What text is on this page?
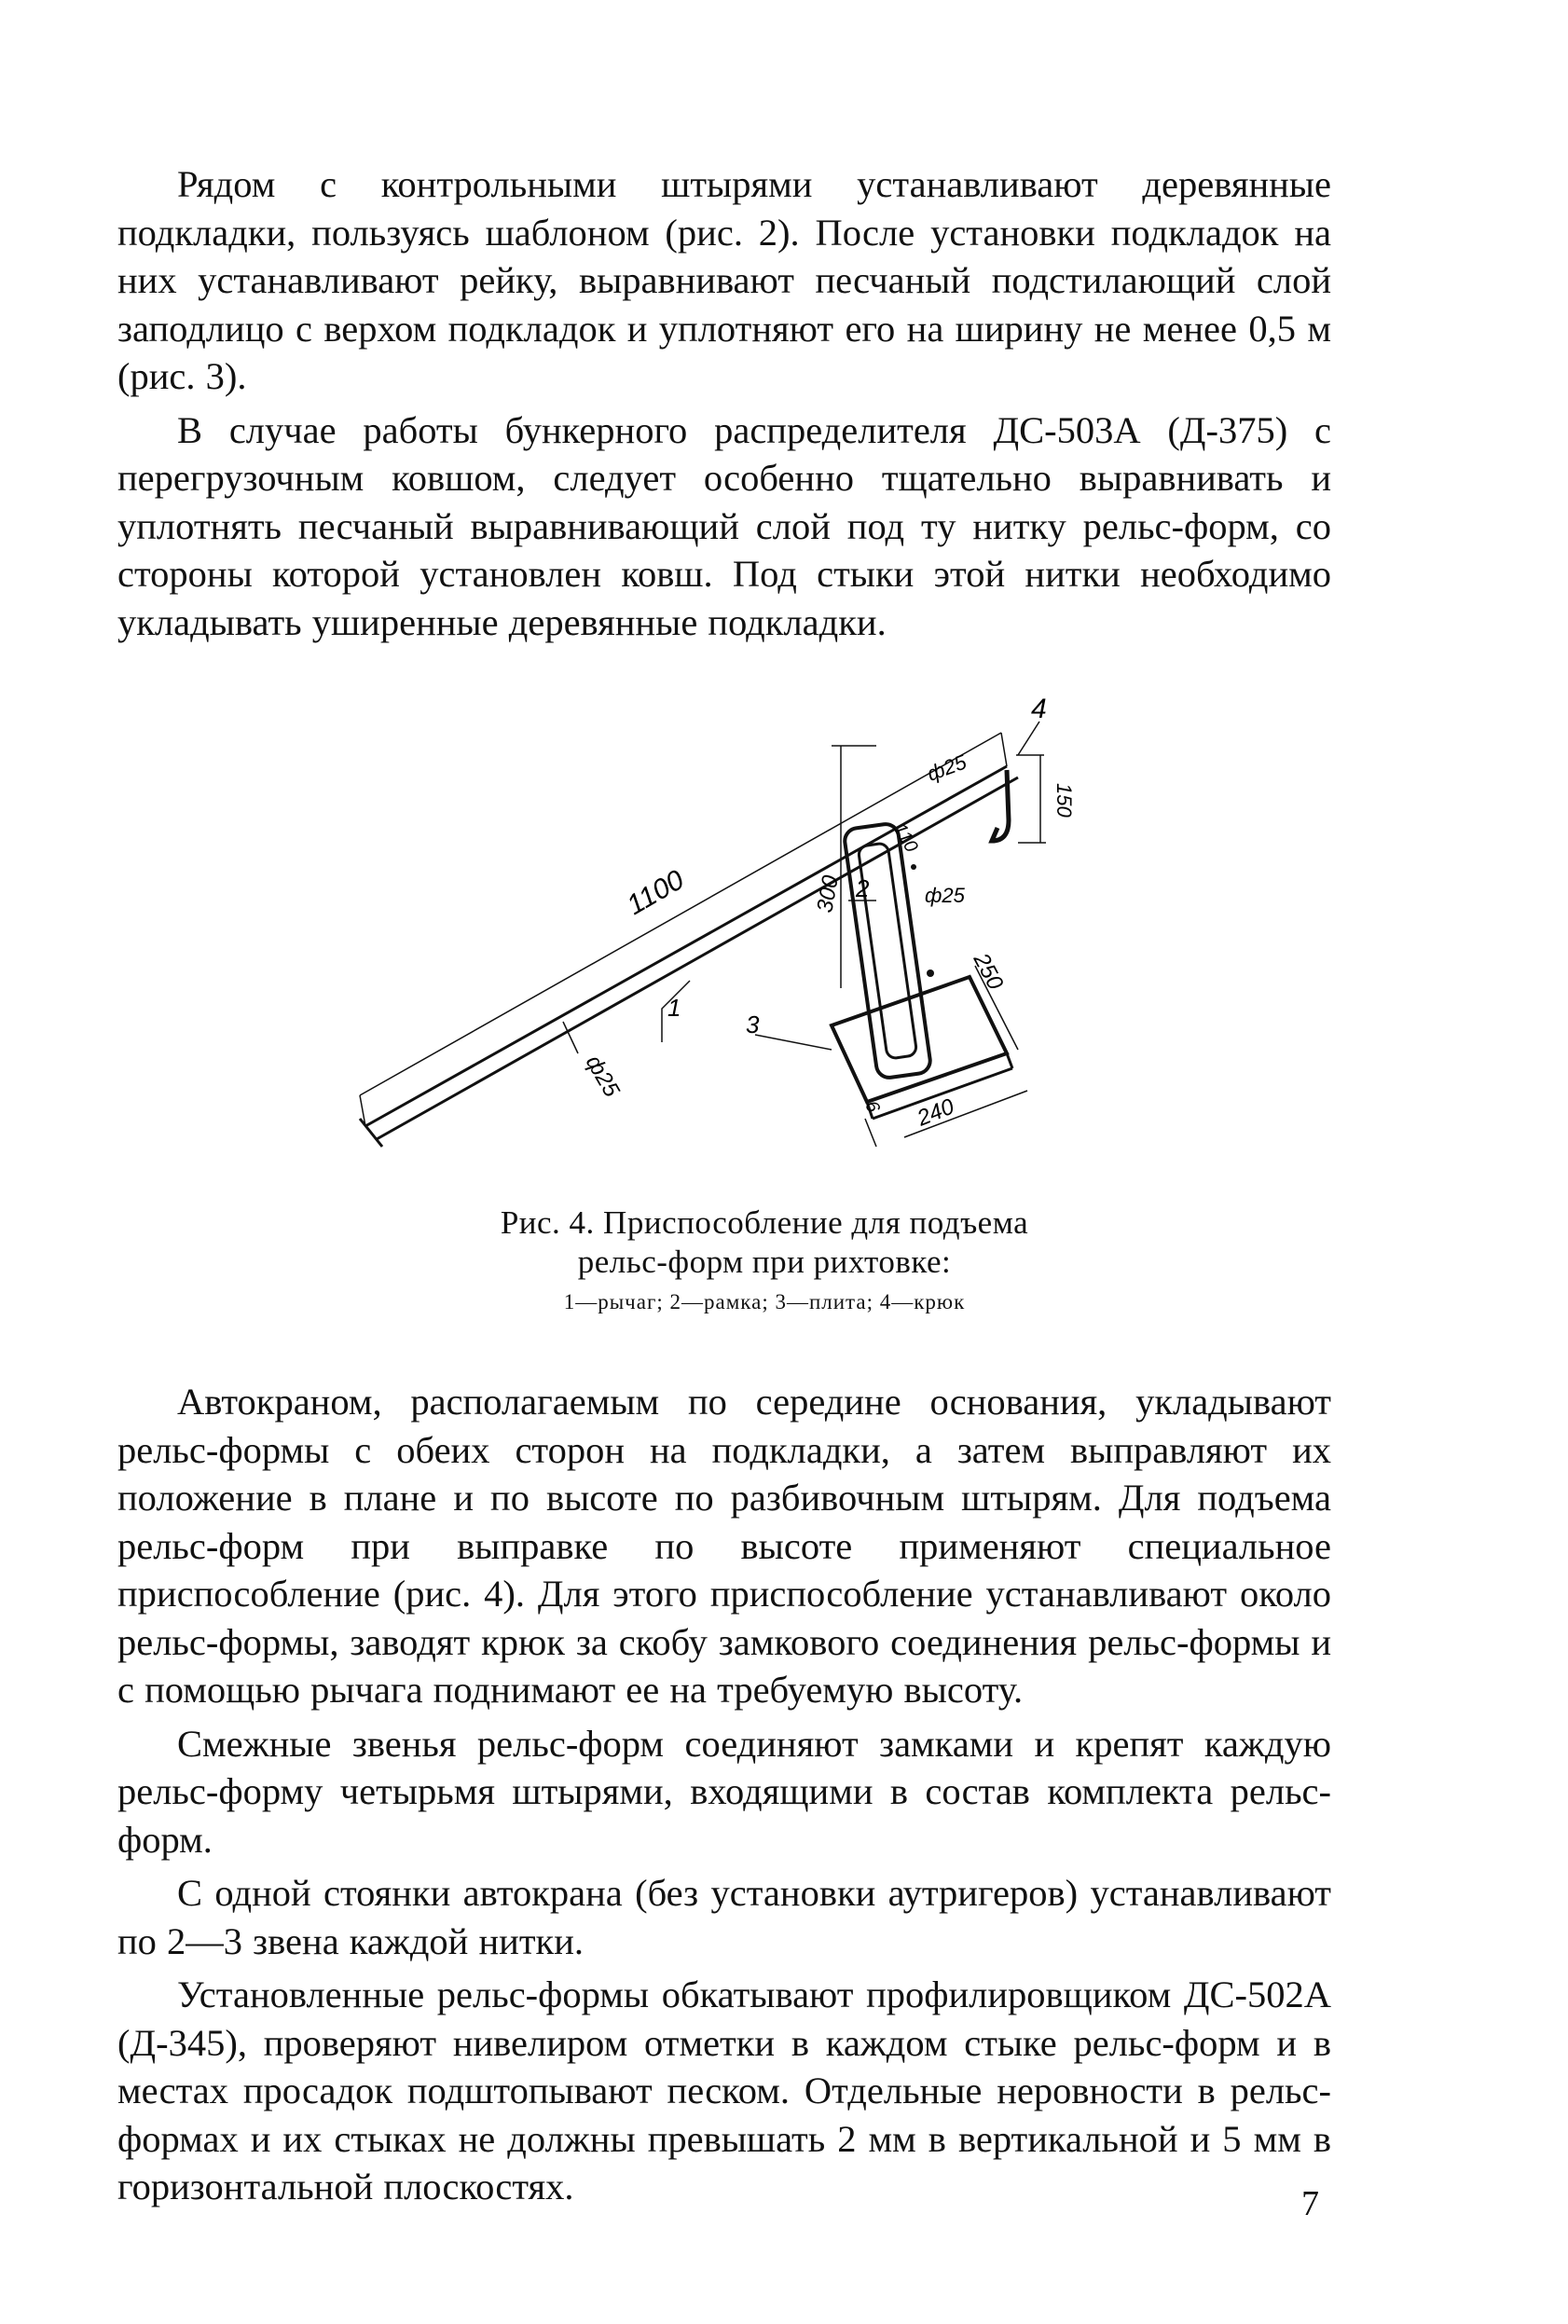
Рядом с контрольными штырями устанавливают деревянные подкладки, пользуясь шаблоном (рис. 2). После установки подкладок на них устанавливают рейку, выравнивают песчаный подстилающий слой заподлицо с верхом подкладок и уплотняют его на ширину не менее 0,5 м (рис. 3).

В случае работы бункерного распределителя ДС-503А (Д-375) с перегрузочным ковшом, следует особенно тщательно выравнивать и уплотнять песчаный выравнивающий слой под ту нитку рельс-форм, со стороны которой установлен ковш. Под стыки этой нитки необходимо укладывать уширенные деревянные подкладки.

1100
ф25
ф25
150
300
110
ф25
250
240
6
1
2
3
4
Рис. 4. Приспособление для подъема
рельс-форм при рихтовке:
1—рычаг; 2—рамка; 3—плита; 4—крюк

Автокраном, располагаемым по середине основания, укладывают рельс-формы с обеих сторон на подкладки, а затем выправляют их положение в плане и по высоте по разбивочным штырям. Для подъема рельс-форм при выправке по высоте применяют специальное приспособление (рис. 4). Для этого приспособление устанавливают около рельс-формы, заводят крюк за скобу замкового соединения рельс-формы и с помощью рычага поднимают ее на требуемую высоту.

Смежные звенья рельс-форм соединяют замками и крепят каждую рельс-форму четырьмя штырями, входящими в состав комплекта рельс-форм.

С одной стоянки автокрана (без установки аутригеров) устанавливают по 2—3 звена каждой нитки.

Установленные рельс-формы обкатывают профилировщиком ДС-502А (Д-345), проверяют нивелиром отметки в каждом стыке рельс-форм и в местах просадок подштопывают песком. Отдельные неровности в рельс-формах и их стыках не должны превышать 2 мм в вертикальной и 5 мм в горизонтальной плоскостях.	7
